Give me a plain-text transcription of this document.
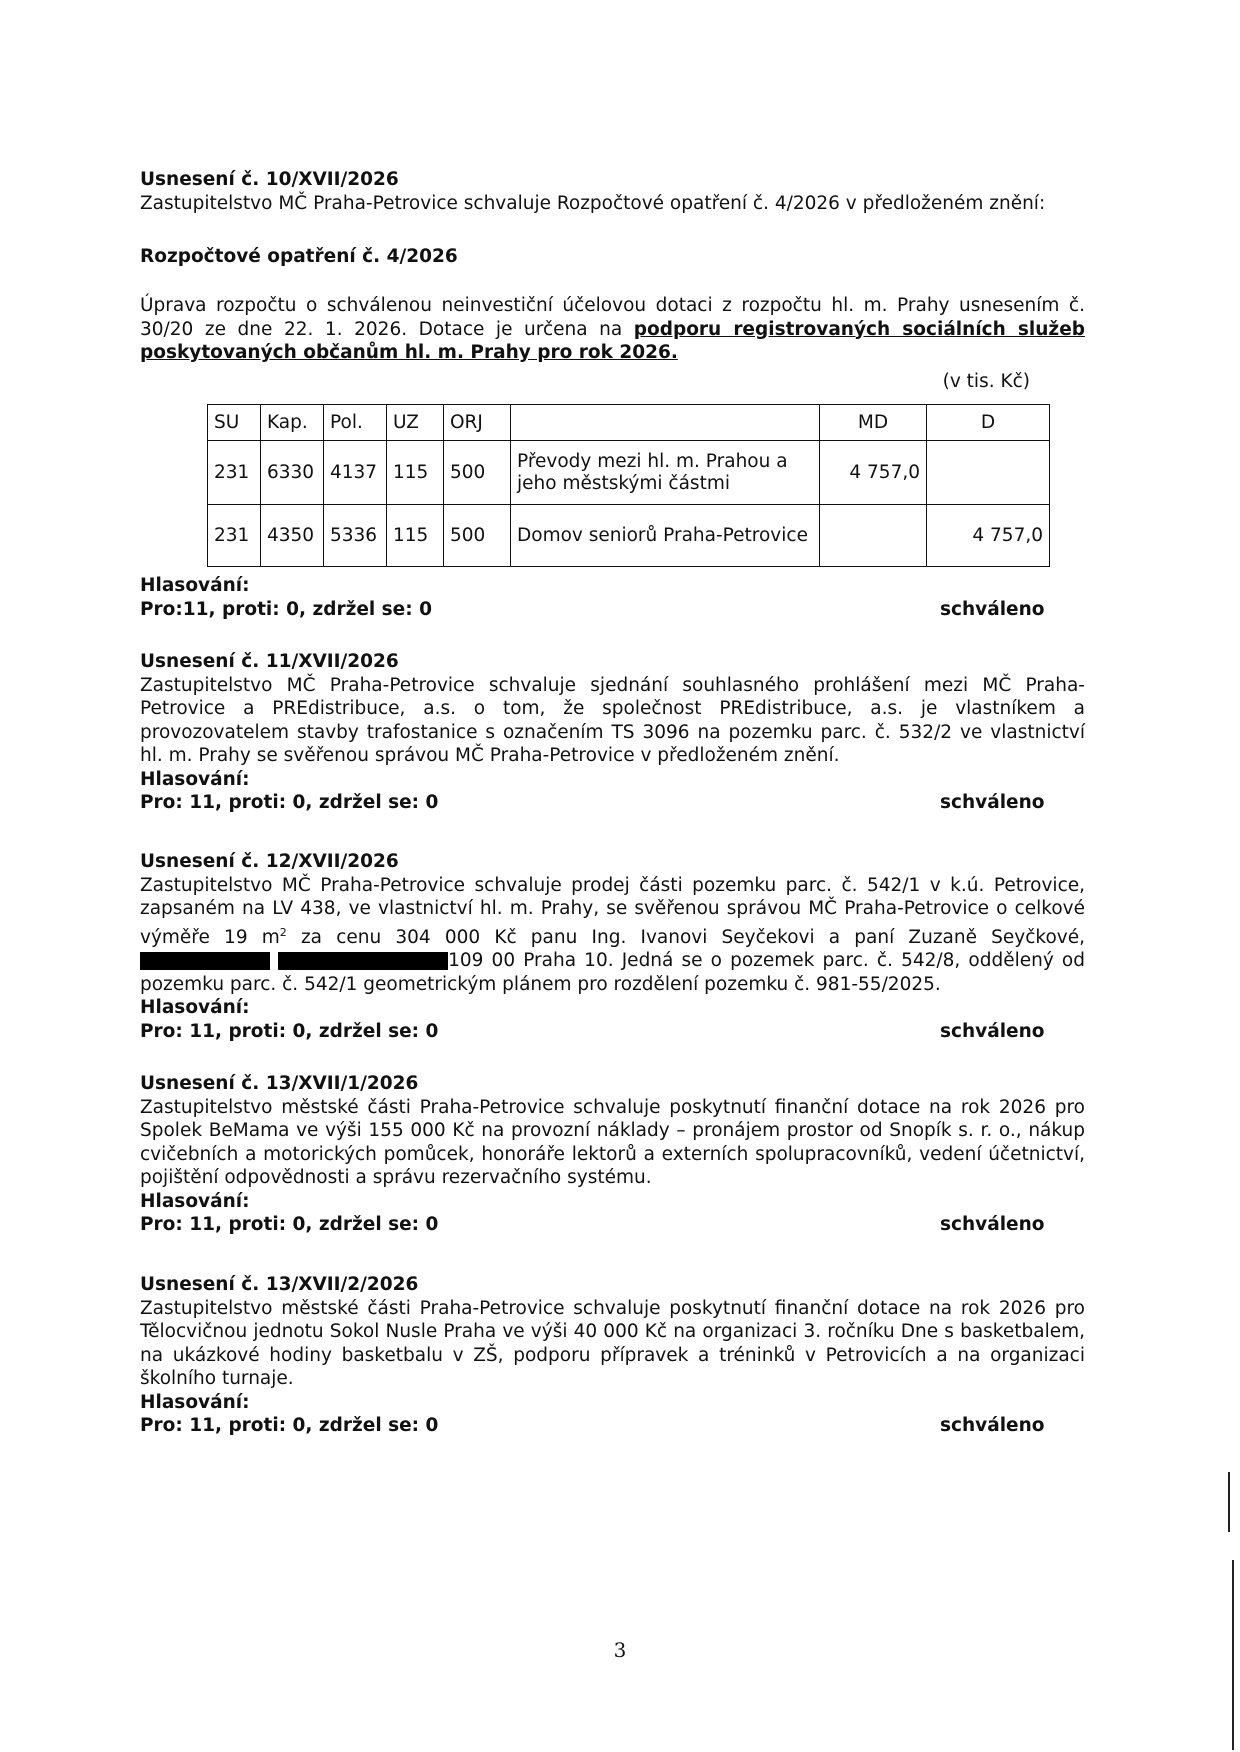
Usnesení č. 10/XVII/2026
Zastupitelstvo MČ Praha-Petrovice schvaluje Rozpočtové opatření č. 4/2026 v předloženém znění:
Rozpočtové opatření č. 4/2026
Úprava rozpočtu o schválenou neinvestiční účelovou dotaci z rozpočtu hl. m. Prahy usnesením č. 30/20 ze dne 22. 1. 2026. Dotace je určena na podporu registrovaných sociálních služeb poskytovaných občanům hl. m. Prahy pro rok 2026.
(v tis. Kč)
SU	Kap.	Pol.	UZ	ORJ		MD	D
231	6330	4137	115	500	Převody mezi hl. m. Prahou a jeho městskými částmi	4 757,0	
231	4350	5336	115	500	Domov seniorů Praha-Petrovice		4 757,0
Hlasování:
Pro:11, proti: 0, zdržel se: 0	schváleno
Usnesení č. 11/XVII/2026
Zastupitelstvo MČ Praha-Petrovice schvaluje sjednání souhlasného prohlášení mezi MČ Praha-Petrovice a PREdistribuce, a.s. o tom, že společnost PREdistribuce, a.s. je vlastníkem a provozovatelem stavby trafostanice s označením TS 3096 na pozemku parc. č. 532/2 ve vlastnictví hl. m. Prahy se svěřenou správou MČ Praha-Petrovice v předloženém znění.
Hlasování:
Pro: 11, proti: 0, zdržel se: 0	schváleno
Usnesení č. 12/XVII/2026
Zastupitelstvo MČ Praha-Petrovice schvaluje prodej části pozemku parc. č. 542/1 v k.ú. Petrovice, zapsaném na LV 438, ve vlastnictví hl. m. Prahy, se svěřenou správou MČ Praha-Petrovice o celkové výměře 19 $m^2$ za cenu 304 000 Kč panu Ing. Ivanovi Seyčekovi a paní Zuzaně Seyčkové,  109 00 Praha 10. Jedná se o pozemek parc. č. 542/8, oddělený od pozemku parc. č. 542/1 geometrickým plánem pro rozdělení pozemku č. 981-55/2025.
Hlasování:
Pro: 11, proti: 0, zdržel se: 0	schváleno
Usnesení č. 13/XVII/1/2026
Zastupitelstvo městské části Praha-Petrovice schvaluje poskytnutí finanční dotace na rok 2026 pro Spolek BeMama ve výši 155 000 Kč na provozní náklady – pronájem prostor od Snopík s. r. o., nákup cvičebních a motorických pomůcek, honoráře lektorů a externích spolupracovníků, vedení účetnictví, pojištění odpovědnosti a správu rezervačního systému.
Hlasování:
Pro: 11, proti: 0, zdržel se: 0	schváleno
Usnesení č. 13/XVII/2/2026
Zastupitelstvo městské části Praha-Petrovice schvaluje poskytnutí finanční dotace na rok 2026 pro Tělocvičnou jednotu Sokol Nusle Praha ve výši 40 000 Kč na organizaci 3. ročníku Dne s basketbalem, na ukázkové hodiny basketbalu v ZŠ, podporu přípravek a tréninků v Petrovicích a na organizaci školního turnaje.
Hlasování:
Pro: 11, proti: 0, zdržel se: 0	schváleno
3
